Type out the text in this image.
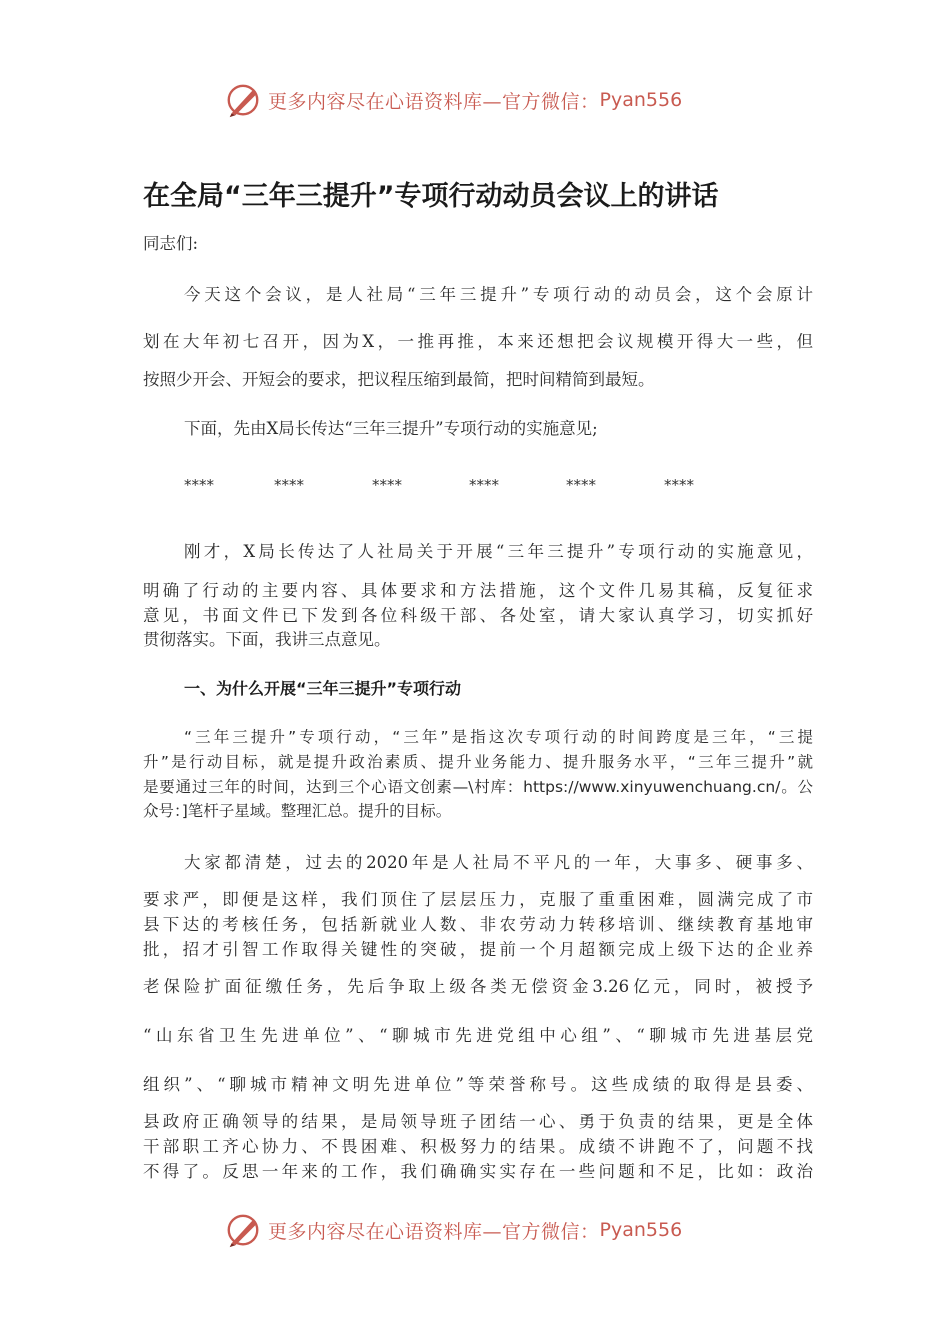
更多内容尽在心语资料库—官方微信： Pyan556
在全局“三年三提升”专项行动动员会议上的讲话

同志们:

今天这个会议，是人社局“三年三提升”专项行动的动员会，这个会原计

划在大年初七召开，因为X，一推再推，本来还想把会议规模开得大一些，但

按照少开会、开短会的要求，把议程压缩到最简，把时间精简到最短。

下面，先由X局长传达“三年三提升”专项行动的实施意见;

****	****	****	****	****	****

刚才，X局长传达了人社局关于开展“三年三提升”专项行动的实施意见，

明确了行动的主要内容、具体要求和方法措施，这个文件几易其稿，反复征求

意见，书面文件已下发到各位科级干部、各处室，请大家认真学习，切实抓好

贯彻落实。下面，我讲三点意见。

一、为什么开展“三年三提升”专项行动

“三年三提升”专项行动，“三年”是指这次专项行动的时间跨度是三年，“三提

升”是行动目标，就是提升政治素质、提升业务能力、提升服务水平，“三年三提升”就

是要通过三年的时间，达到三个心语文创素—\村库：https://www.xinyuwenchuang.cn/。公

众号：]笔杆子星域。整理汇总。提升的目标。

大家都清楚，过去的2020年是人社局不平凡的一年，大事多、硬事多、

要求严，即便是这样，我们顶住了层层压力，克服了重重困难，圆满完成了市

县下达的考核任务，包括新就业人数、非农劳动力转移培训、继续教育基地审

批，招才引智工作取得关键性的突破，提前一个月超额完成上级下达的企业养

老保险扩面征缴任务，先后争取上级各类无偿资金3.26亿元，同时，被授予

“山东省卫生先进单位”、“聊城市先进党组中心组”、“聊城市先进基层党

组织”、“聊城市精神文明先进单位”等荣誉称号。这些成绩的取得是县委、

县政府正确领导的结果，是局领导班子团结一心、勇于负责的结果，更是全体

干部职工齐心协力、不畏困难、积极努力的结果。成绩不讲跑不了，问题不找

不得了。反思一年来的工作，我们确确实实存在一些问题和不足，比如：政治

更多内容尽在心语资料库—官方微信： Pyan556
